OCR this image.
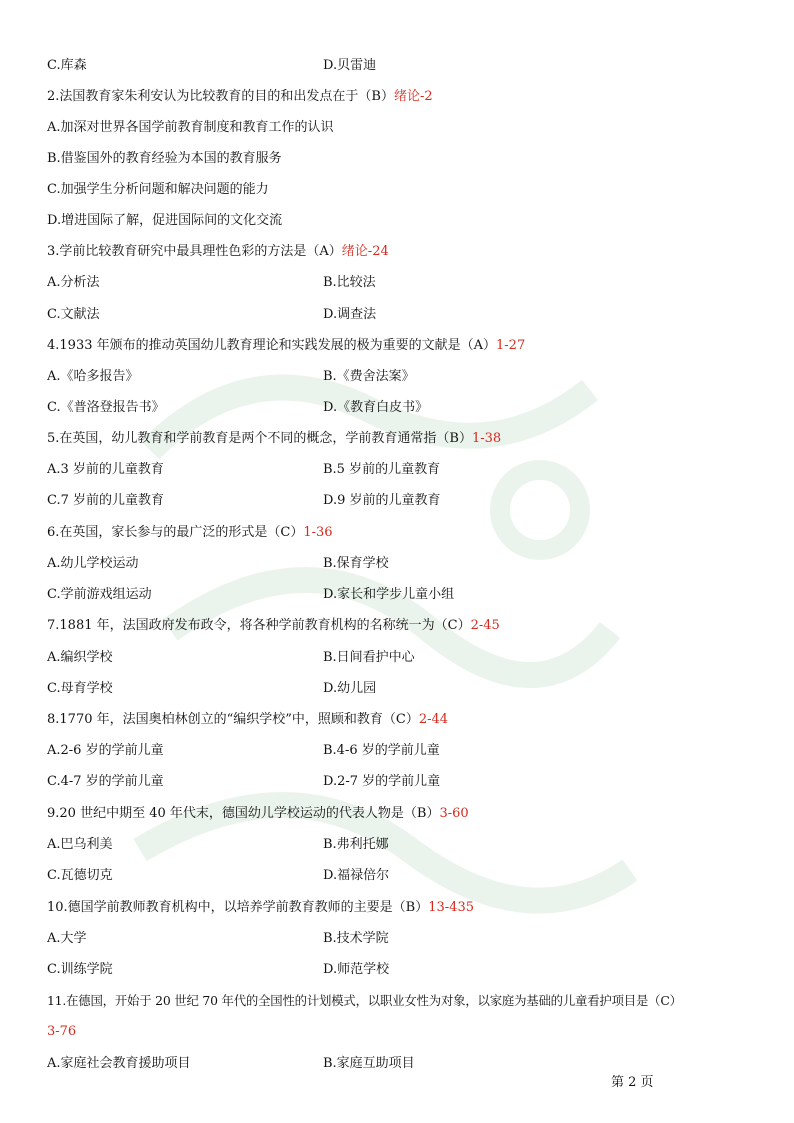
C.库森	D.贝雷迪
2.法国教育家朱利安认为比较教育的目的和出发点在于（B）绪论-2
A.加深对世界各国学前教育制度和教育工作的认识
B.借鉴国外的教育经验为本国的教育服务
C.加强学生分析问题和解决问题的能力
D.增进国际了解，促进国际间的文化交流
3.学前比较教育研究中最具理性色彩的方法是（A）绪论-24
A.分析法	B.比较法
C.文献法	D.调查法
4.1933 年颁布的推动英国幼儿教育理论和实践发展的极为重要的文献是（A）1-27
A.《哈多报告》	B.《费舍法案》
C.《普洛登报告书》	D.《教育白皮书》
5.在英国，幼儿教育和学前教育是两个不同的概念，学前教育通常指（B）1-38
A.3 岁前的儿童教育	B.5 岁前的儿童教育
C.7 岁前的儿童教育	D.9 岁前的儿童教育
6.在英国，家长参与的最广泛的形式是（C）1-36
A.幼儿学校运动	B.保育学校
C.学前游戏组运动	D.家长和学步儿童小组
7.1881 年，法国政府发布政令，将各种学前教育机构的名称统一为（C）2-45
A.编织学校	B.日间看护中心
C.母育学校	D.幼儿园
8.1770 年，法国奥柏林创立的“编织学校”中，照顾和教育（C）2-44
A.2-6 岁的学前儿童	B.4-6 岁的学前儿童
C.4-7 岁的学前儿童	D.2-7 岁的学前儿童
9.20 世纪中期至 40 年代末，德国幼儿学校运动的代表人物是（B）3-60
A.巴乌利美	B.弗利托娜
C.瓦德切克	D.福禄倍尔
10.德国学前教师教育机构中，以培养学前教育教师的主要是（B）13-435
A.大学	B.技术学院
C.训练学院	D.师范学校
11.在德国，开始于 20 世纪 70 年代的全国性的计划模式，以职业女性为对象，以家庭为基础的儿童看护项目是（C）
3-76
A.家庭社会教育援助项目	B.家庭互助项目
第 2 页
